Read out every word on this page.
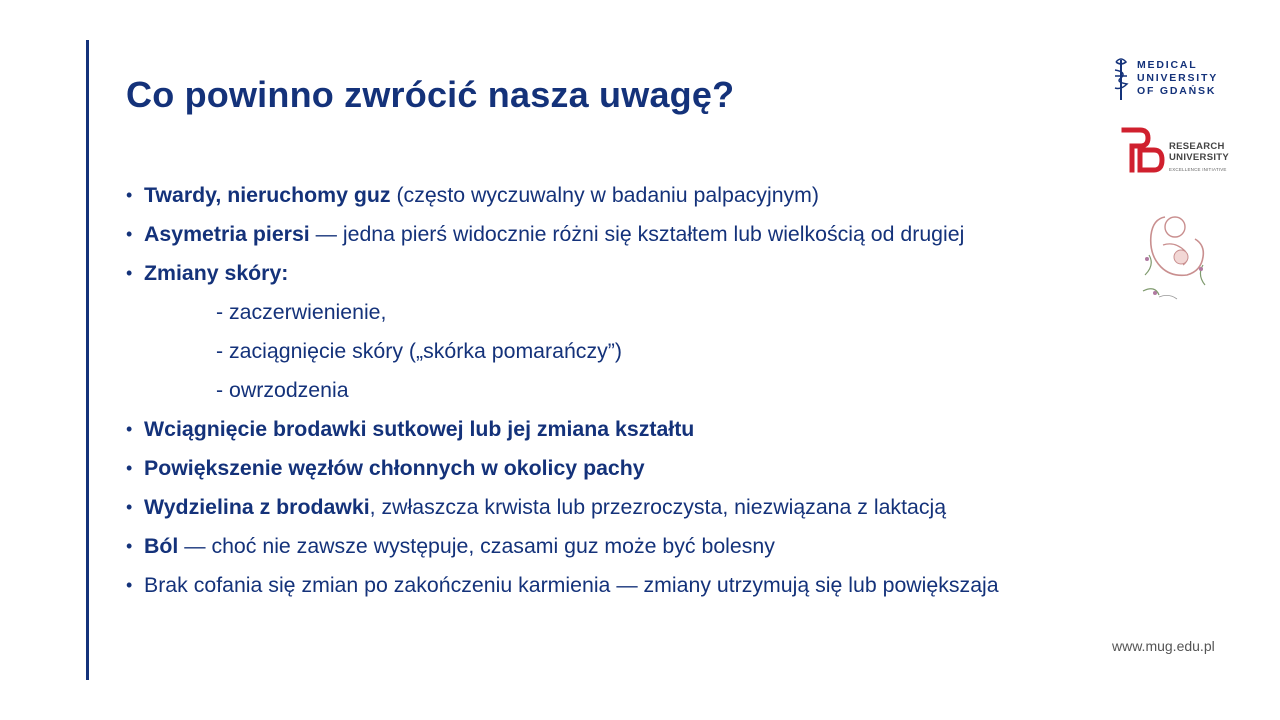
Co powinno zwrócić nasza uwagę?
• Twardy, nieruchomy guz (często wyczuwalny w badaniu palpacyjnym)
• Asymetria piersi — jedna pierś widocznie różni się kształtem lub wielkością od drugiej
• Zmiany skóry:
- zaczerwienienie,
- zaciągnięcie skóry („skórka pomarańczy”)
- owrzodzenia
• Wciągnięcie brodawki sutkowej lub jej zmiana kształtu
• Powiększenie węzłów chłonnych w okolicy pachy
• Wydzielina z brodawki, zwłaszcza krwista lub przezroczysta, niezwiązana z laktacją
• Ból — choć nie zawsze występuje, czasami guz może być bolesny
• Brak cofania się zmian po zakończeniu karmienia — zmiany utrzymują się lub powiększaja
MEDICAL
UNIVERSITY
OF GDAŃSK
RESEARCH
UNIVERSITY
EXCELLENCE INITIATIVE
www.mug.edu.pl
